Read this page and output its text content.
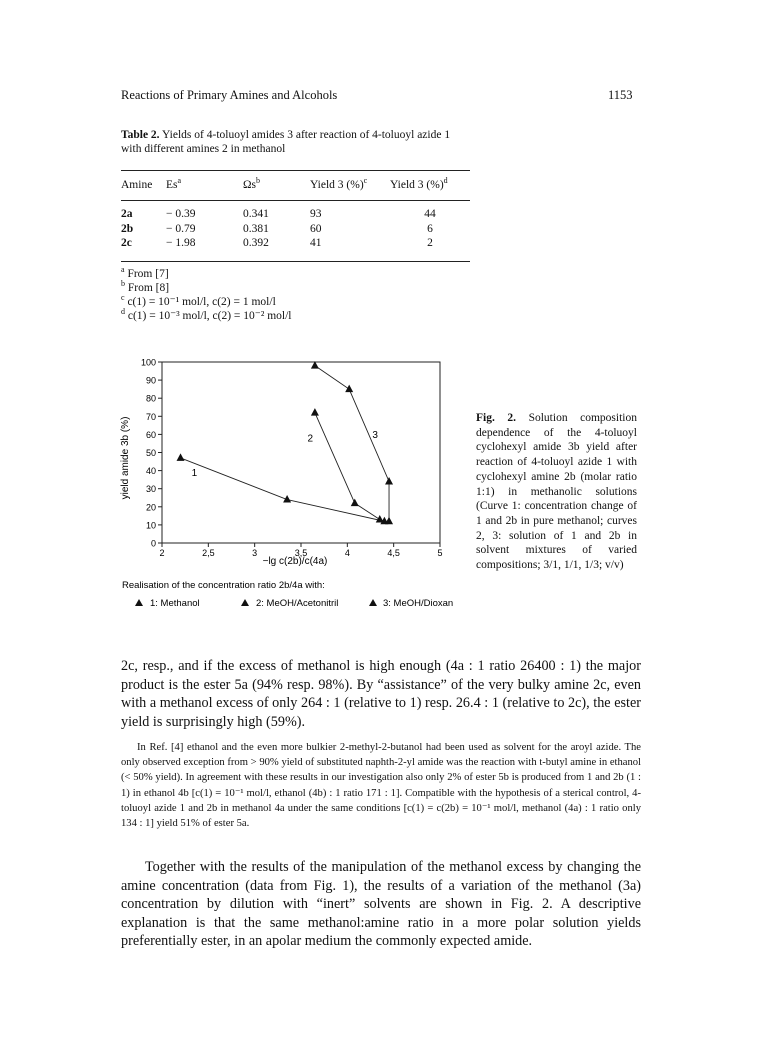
Reactions of Primary Amines and Alcohols	1153
Table 2. Yields of 4-toluoyl amides 3 after reaction of 4-toluoyl azide 1 with different amines 2 in methanol
Amine	Es$^a$	$\Omega s^b$	Yield 3 (%)$^c$	Yield 3 (%)$^d$
2a	− 0.39	0.341	93	44
2b	− 0.79	0.381	60	6
2c	− 1.98	0.392	41	2
$^a$ From [7]
$^b$ From [8]
$^c$ c(1) = 10⁻¹ mol/l, c(2) = 1 mol/l
$^d$ c(1) = 10⁻³ mol/l, c(2) = 10⁻² mol/l
0
10
20
30
40
50
60
70
80
90
100
2	2,5	3	3,5	4	4,5	5
1
2	3
yield amide 3b (%)
−lg c(2b)/c(4a)
Realisation of the concentration ratio 2b/4a with:
1: Methanol	2: MeOH/Acetonitril	3: MeOH/Dioxan
Fig. 2. Solution composition dependence of the 4-toluoyl cyclohexyl amide 3b yield after reaction of 4-toluoyl azide 1 with cyclohexyl amine 2b (molar ratio 1:1) in methanolic solutions (Curve 1: concentration change of 1 and 2b in pure methanol; curves 2, 3: solution of 1 and 2b in solvent mixtures of varied compositions; 3/1, 1/1, 1/3; v/v)
2c, resp., and if the excess of methanol is high enough (4a : 1 ratio 26400 : 1) the major product is the ester 5a (94% resp. 98%). By “assistance” of the very bulky amine 2c, even with a methanol excess of only 264 : 1 (relative to 1) resp. 26.4 : 1 (relative to 2c), the ester yield is surprisingly high (59%).
In Ref. [4] ethanol and the even more bulkier 2-methyl-2-butanol had been used as solvent for the aroyl azide. The only observed exception from > 90% yield of substituted naphth-2-yl amide was the reaction with t-butyl amine in ethanol (< 50% yield). In agreement with these results in our investigation also only 2% of ester 5b is produced from 1 and 2b (1 : 1) in ethanol 4b [c(1) = 10⁻¹ mol/l, ethanol (4b) : 1 ratio 171 : 1]. Compatible with the hypothesis of a sterical control, 4-toluoyl azide 1 and 2b in methanol 4a under the same conditions [c(1) = c(2b) = 10⁻¹ mol/l, methanol (4a) : 1 ratio only 134 : 1] yield 51% of ester 5a.
Together with the results of the manipulation of the methanol excess by changing the amine concentration (data from Fig. 1), the results of a variation of the methanol (3a) concentration by dilution with “inert” solvents are shown in Fig. 2. A descriptive explanation is that the same methanol:amine ratio in a more polar solution yields preferentially ester, in an apolar medium the commonly expected amide.
